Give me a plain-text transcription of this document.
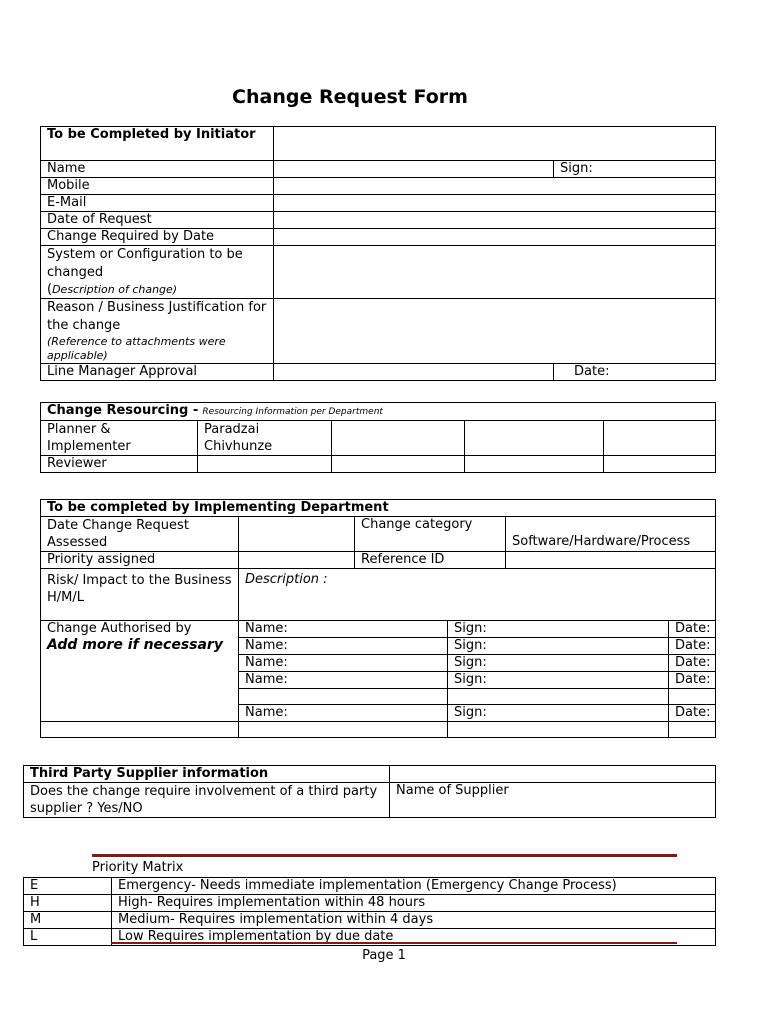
Change Request Form
To be Completed by Initiator		
Name		Sign:
Mobile		
E-Mail		
Date of Request		
Change Required by Date		

System or Configuration to be changed
(Description of change)		

Reason / Business Justification for the change
(Reference to attachments were applicable)		

Line Manager Approval		Date:
Change Resourcing - Resourcing Information per Department				
Planner & Implementer	Paradzai Chivhunze			
Reviewer				
To be completed by Implementing Department					
Date Change Request Assessed		Change category		Software/Hardware/Process	
Priority assigned		Reference ID			
Risk/ Impact to the Business H/M/L	Description :				

Change Authorised by
Add more if necessary	Name:		Sign:		Date:
	Name:		Sign:		Date:
	Name:		Sign:		Date:
	Name:		Sign:		Date:

	Name:		Sign:		Date:

Third Party Supplier information	
Does the change require involvement of a third party supplier ? Yes/NO	Name of Supplier
Priority Matrix
E	Emergency- Needs immediate implementation (Emergency Change Process)
H	High- Requires implementation within 48 hours
M	Medium- Requires implementation within 4 days
L	Low Requires implementation by due date
Page 1
